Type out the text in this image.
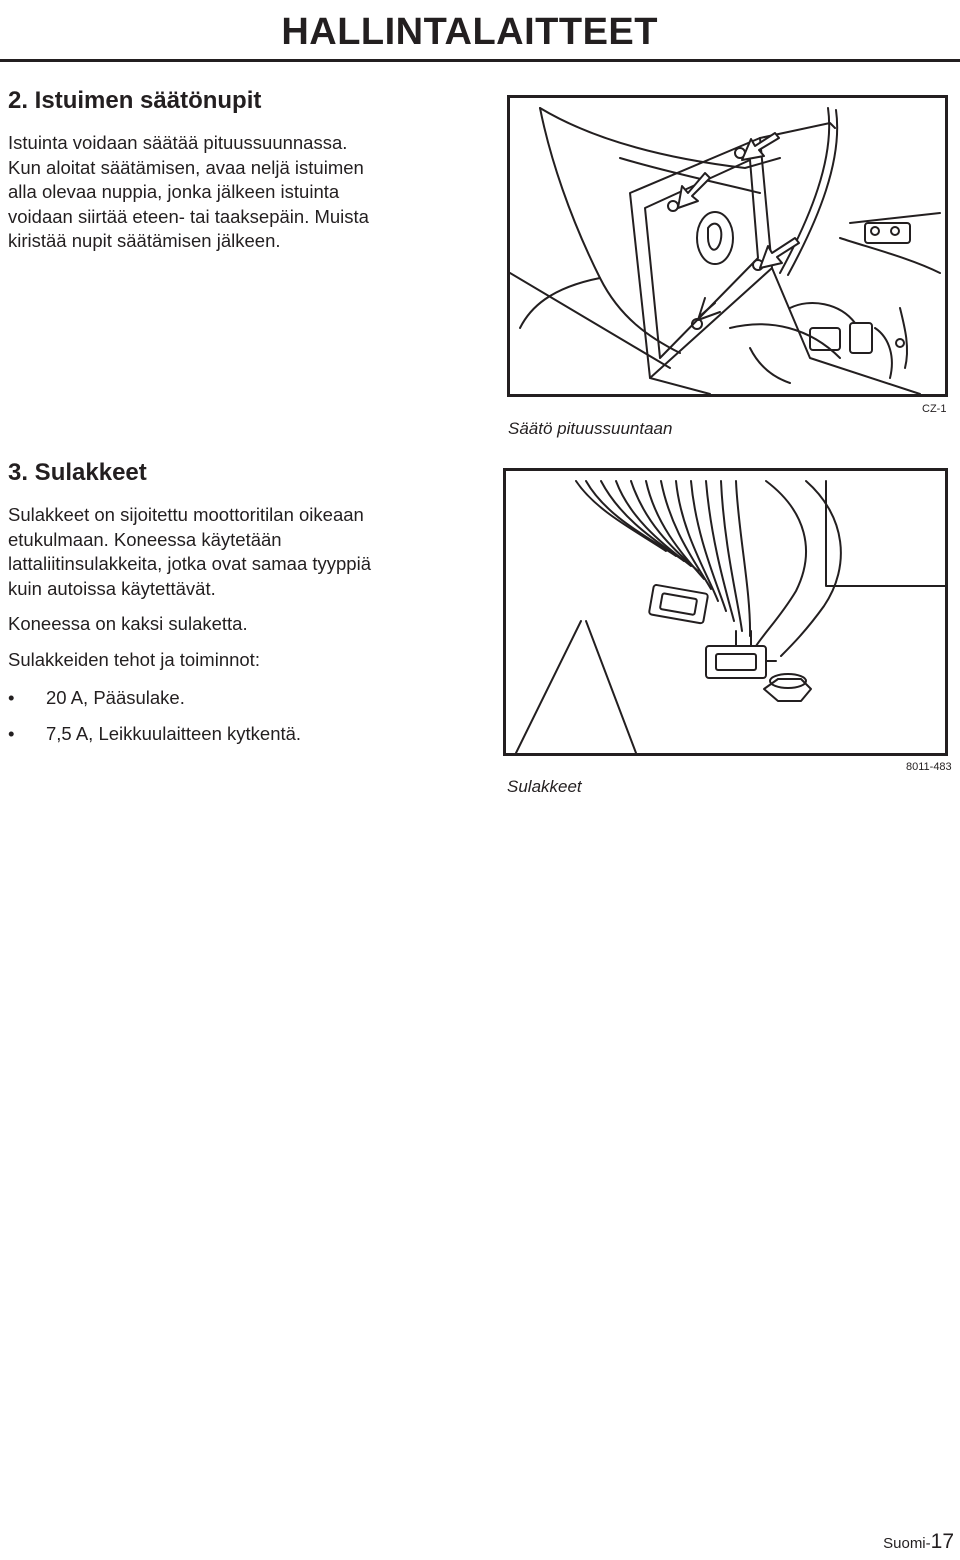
HALLINTALAITTEET
2. Istuimen säätönupit
Istuinta voidaan säätää pituussuunnassa.
Kun aloitat säätämisen, avaa neljä istuimen
alla olevaa nuppia, jonka jälkeen istuinta
voidaan siirtää eteen- tai taaksepäin. Muista
kiristää nupit säätämisen jälkeen.
Säätö pituussuuntaan
CZ-1
3. Sulakkeet
Sulakkeet on sijoitettu moottoritilan oikeaan
etukulmaan. Koneessa käytetään
lattaliitinsulakkeita, jotka ovat samaa tyyppiä
kuin autoissa käytettävät.
Koneessa on kaksi sulaketta.
Sulakkeiden tehot ja toiminnot:
• 20 A, Pääsulake.
• 7,5 A, Leikkuulaitteen kytkentä.
Sulakkeet
8011-483
Suomi-17
